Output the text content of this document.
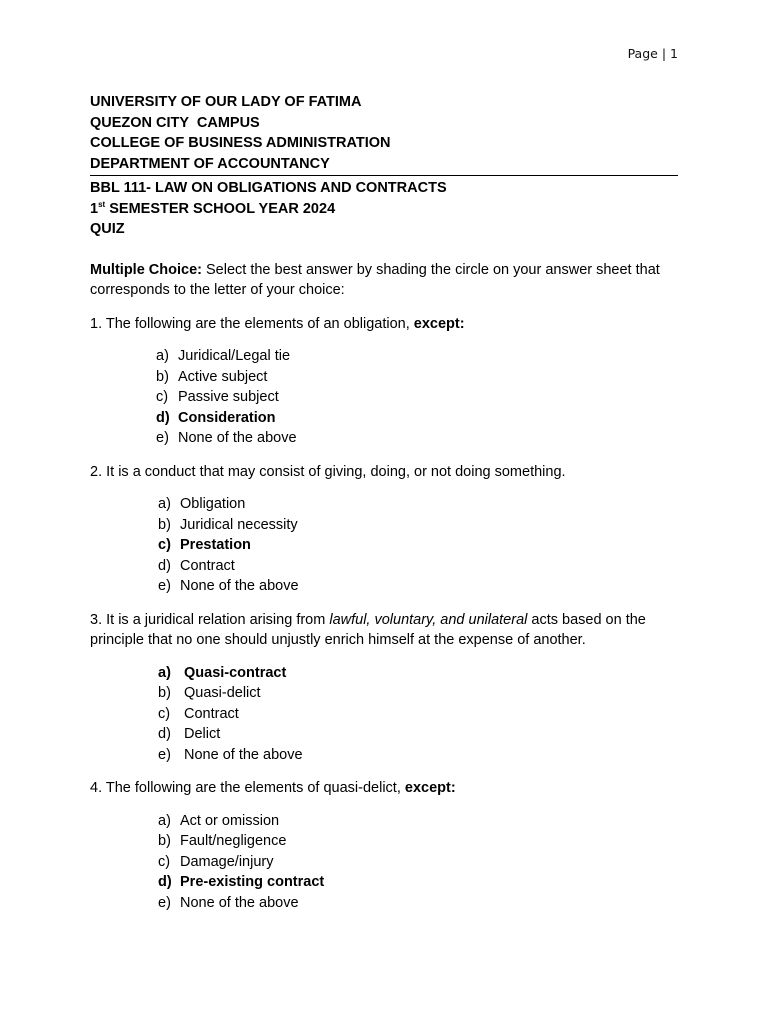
Page | 1
UNIVERSITY OF OUR LADY OF FATIMA
QUEZON CITY  CAMPUS
COLLEGE OF BUSINESS ADMINISTRATION
DEPARTMENT OF ACCOUNTANCY
BBL 111- LAW ON OBLIGATIONS AND CONTRACTS
1st SEMESTER SCHOOL YEAR 2024
QUIZ

Multiple Choice: Select the best answer by shading the circle on your answer sheet that corresponds to the letter of your choice:

1. The following are the elements of an obligation, except:
a) Juridical/Legal tie
b) Active subject
c) Passive subject
d) Consideration
e) None of the above
2. It is a conduct that may consist of giving, doing, or not doing something.
a) Obligation
b) Juridical necessity
c) Prestation
d) Contract
e) None of the above
3. It is a juridical relation arising from lawful, voluntary, and unilateral acts based on the principle that no one should unjustly enrich himself at the expense of another.
a) Quasi-contract
b) Quasi-delict
c) Contract
d) Delict
e) None of the above
4. The following are the elements of quasi-delict, except:
a) Act or omission
b) Fault/negligence
c) Damage/injury
d) Pre-existing contract
e) None of the above
